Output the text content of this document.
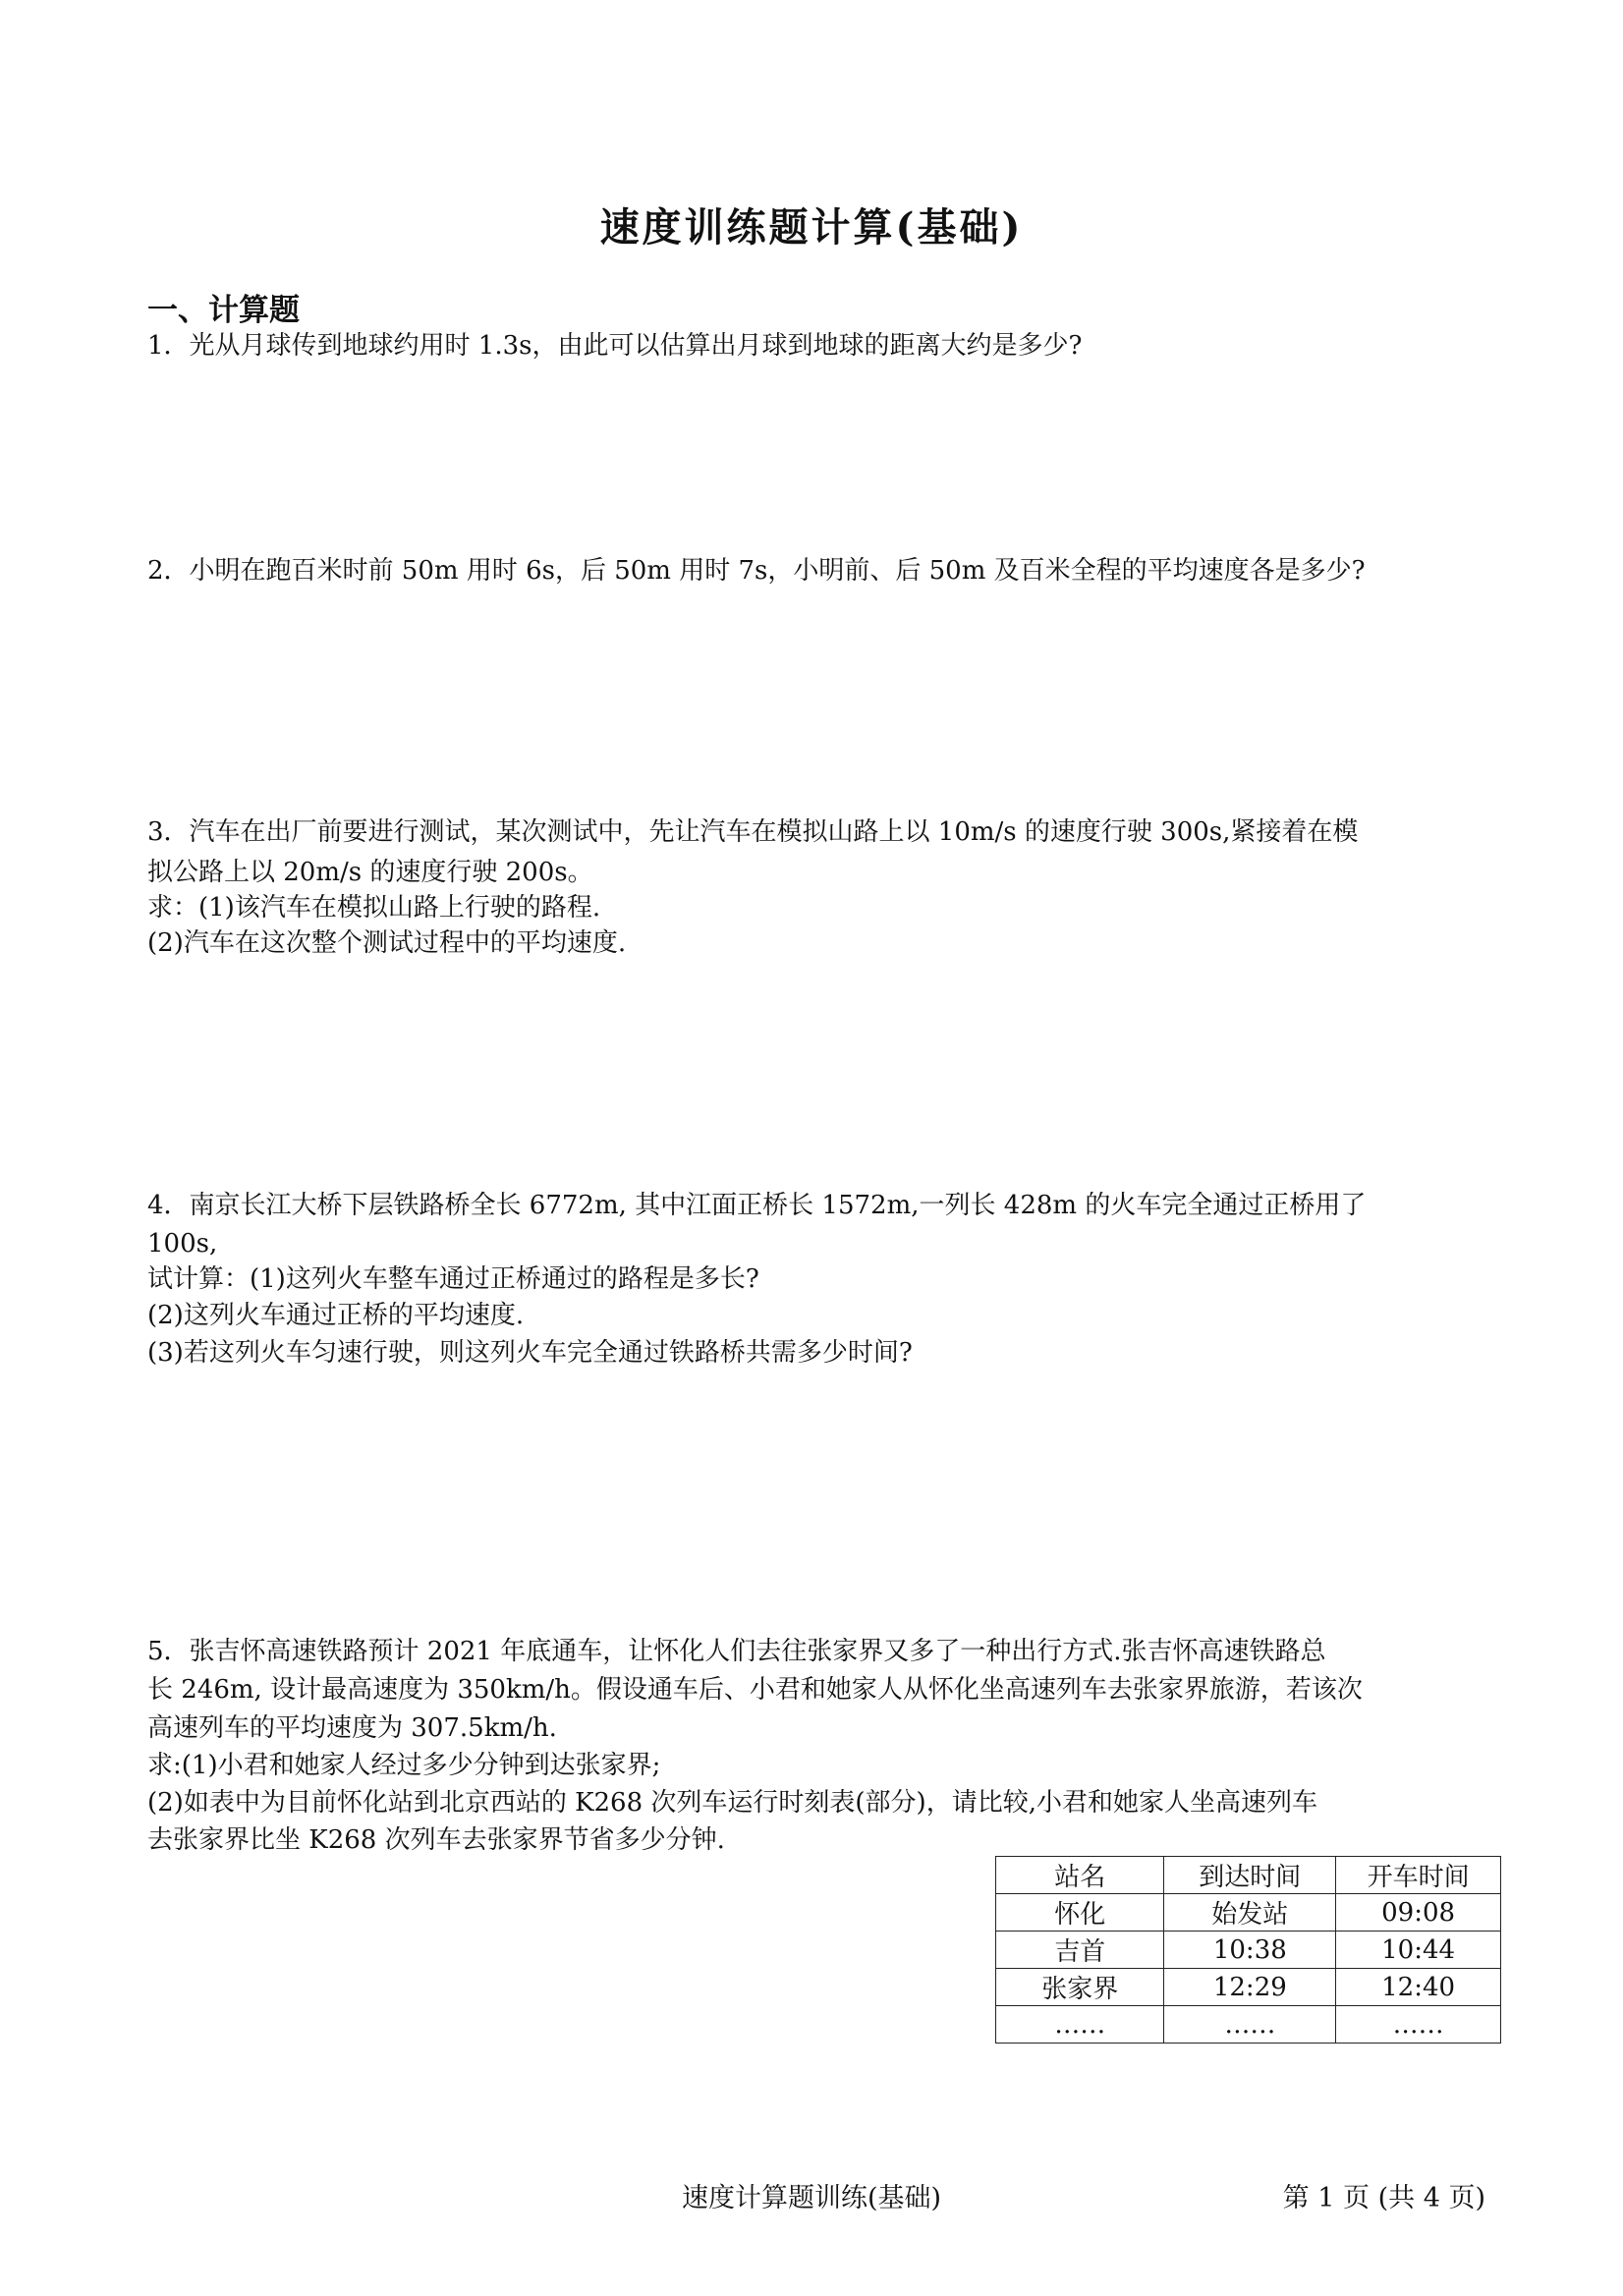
速度训练题计算(基础)
一、计算题
1．光从月球传到地球约用时 1.3s，由此可以估算出月球到地球的距离大约是多少?
2．小明在跑百米时前 50m 用时 6s，后 50m 用时 7s，小明前、后 50m 及百米全程的平均速度各是多少?
3．汽车在出厂前要进行测试，某次测试中，先让汽车在模拟山路上以 10m/s 的速度行驶 300s,紧接着在模
拟公路上以 20m/s 的速度行驶 200s。
求：(1)该汽车在模拟山路上行驶的路程.
(2)汽车在这次整个测试过程中的平均速度.
4．南京长江大桥下层铁路桥全长 6772m, 其中江面正桥长 1572m,一列长 428m 的火车完全通过正桥用了
100s,
试计算：(1)这列火车整车通过正桥通过的路程是多长?
(2)这列火车通过正桥的平均速度.
(3)若这列火车匀速行驶，则这列火车完全通过铁路桥共需多少时间?
5．张吉怀高速铁路预计 2021 年底通车，让怀化人们去往张家界又多了一种出行方式.张吉怀高速铁路总
长 246m, 设计最高速度为 350km/h。假设通车后、小君和她家人从怀化坐高速列车去张家界旅游，若该次
高速列车的平均速度为 307.5km/h.
求:(1)小君和她家人经过多少分钟到达张家界;
(2)如表中为目前怀化站到北京西站的 K268 次列车运行时刻表(部分)，请比较,小君和她家人坐高速列车
去张家界比坐 K268 次列车去张家界节省多少分钟.
站名	到达时间	开车时间
怀化	始发站	09:08
吉首	10:38	10:44
张家界	12:29	12:40
……	……	……
速度计算题训练(基础)	第 1 页 (共 4 页)
